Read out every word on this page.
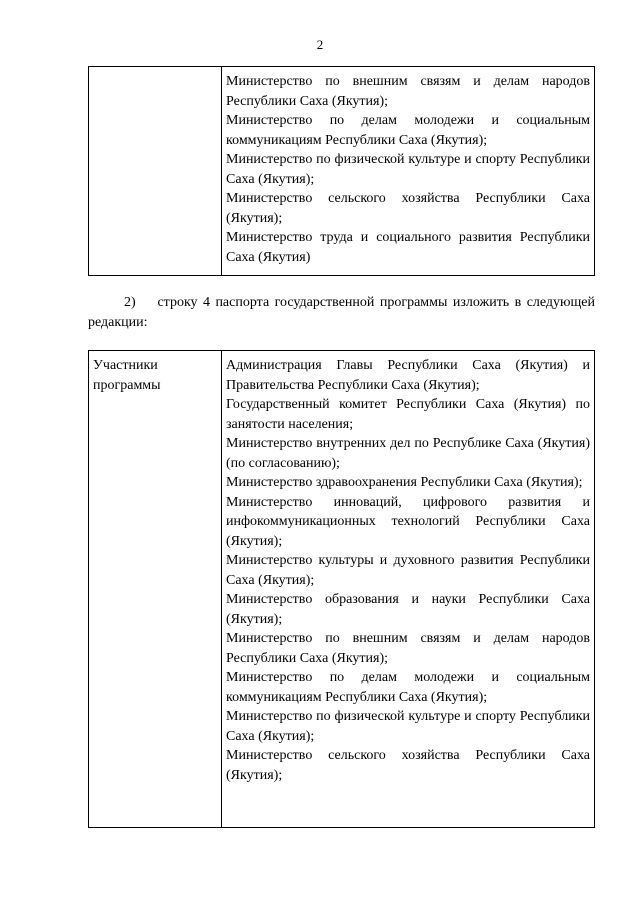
2

Министерство по внешним связям и делам народов Республики Саха (Якутия);
Министерство по делам молодежи и социальным коммуникациям Республики Саха (Якутия);
Министерство по физической культуре и спорту Республики Саха (Якутия);
Министерство сельского хозяйства Республики Саха (Якутия);
Министерство труда и социального развития Республики Саха (Якутия)

2)    строку 4 паспорта государственной программы изложить в следующей редакции:

Участники программы	
Администрация Главы Республики Саха (Якутия) и Правительства Республики Саха (Якутия);
Государственный комитет Республики Саха (Якутия) по занятости населения;
Министерство внутренних дел по Республике Саха (Якутия) (по согласованию);
Министерство здравоохранения Республики Саха (Якутия);
Министерство инноваций, цифрового развития и инфокоммуникационных технологий Республики Саха (Якутия);
Министерство культуры и духовного развития Республики Саха (Якутия);
Министерство образования и науки Республики Саха (Якутия);
Министерство по внешним связям и делам народов Республики Саха (Якутия);
Министерство по делам молодежи и социальным коммуникациям Республики Саха (Якутия);
Министерство по физической культуре и спорту Республики Саха (Якутия);
Министерство сельского хозяйства Республики Саха (Якутия);
